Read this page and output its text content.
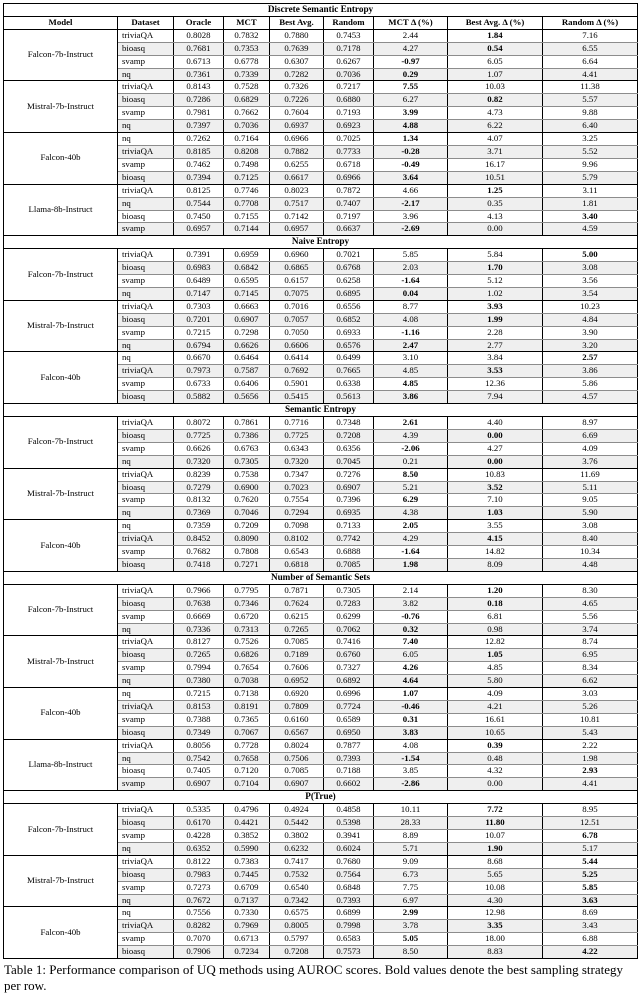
Discrete Semantic Entropy								
Model	Dataset	Oracle	MCT	Best Avg.	Random	MCT Δ (%)	Best Avg. Δ (%)	Random Δ (%)
Falcon-7b-Instruct	triviaQA	0.8028	0.7832	0.7880	0.7453	2.44	1.84	7.16
	bioasq	0.7681	0.7353	0.7639	0.7178	4.27	0.54	6.55
	svamp	0.6713	0.6778	0.6307	0.6267	-0.97	6.05	6.64
	nq	0.7361	0.7339	0.7282	0.7036	0.29	1.07	4.41
Mistral-7b-Instruct	triviaQA	0.8143	0.7528	0.7326	0.7217	7.55	10.03	11.38
	bioasq	0.7286	0.6829	0.7226	0.6880	6.27	0.82	5.57
	svamp	0.7981	0.7662	0.7604	0.7193	3.99	4.73	9.88
	nq	0.7397	0.7036	0.6937	0.6923	4.88	6.22	6.40
Falcon-40b	nq	0.7262	0.7164	0.6966	0.7025	1.34	4.07	3.25
	triviaQA	0.8185	0.8208	0.7882	0.7733	-0.28	3.71	5.52
	svamp	0.7462	0.7498	0.6255	0.6718	-0.49	16.17	9.96
	bioasq	0.7394	0.7125	0.6617	0.6966	3.64	10.51	5.79
Llama-8b-Instruct	triviaQA	0.8125	0.7746	0.8023	0.7872	4.66	1.25	3.11
	nq	0.7544	0.7708	0.7517	0.7407	-2.17	0.35	1.81
	bioasq	0.7450	0.7155	0.7142	0.7197	3.96	4.13	3.40
	svamp	0.6957	0.7144	0.6957	0.6637	-2.69	0.00	4.59
Naive Entropy								
Falcon-7b-Instruct	triviaQA	0.7391	0.6959	0.6960	0.7021	5.85	5.84	5.00
	bioasq	0.6983	0.6842	0.6865	0.6768	2.03	1.70	3.08
	svamp	0.6489	0.6595	0.6157	0.6258	-1.64	5.12	3.56
	nq	0.7147	0.7145	0.7075	0.6895	0.04	1.02	3.54
Mistral-7b-Instruct	triviaQA	0.7303	0.6663	0.7016	0.6556	8.77	3.93	10.23
	bioasq	0.7201	0.6907	0.7057	0.6852	4.08	1.99	4.84
	svamp	0.7215	0.7298	0.7050	0.6933	-1.16	2.28	3.90
	nq	0.6794	0.6626	0.6606	0.6576	2.47	2.77	3.20
Falcon-40b	nq	0.6670	0.6464	0.6414	0.6499	3.10	3.84	2.57
	triviaQA	0.7973	0.7587	0.7692	0.7665	4.85	3.53	3.86
	svamp	0.6733	0.6406	0.5901	0.6338	4.85	12.36	5.86
	bioasq	0.5882	0.5656	0.5415	0.5613	3.86	7.94	4.57
Semantic Entropy								
Falcon-7b-Instruct	triviaQA	0.8072	0.7861	0.7716	0.7348	2.61	4.40	8.97
	bioasq	0.7725	0.7386	0.7725	0.7208	4.39	0.00	6.69
	svamp	0.6626	0.6763	0.6343	0.6356	-2.06	4.27	4.09
	nq	0.7320	0.7305	0.7320	0.7045	0.21	0.00	3.76
Mistral-7b-Instruct	triviaQA	0.8239	0.7538	0.7347	0.7276	8.50	10.83	11.69
	bioasq	0.7279	0.6900	0.7023	0.6907	5.21	3.52	5.11
	svamp	0.8132	0.7620	0.7554	0.7396	6.29	7.10	9.05
	nq	0.7369	0.7046	0.7294	0.6935	4.38	1.03	5.90
Falcon-40b	nq	0.7359	0.7209	0.7098	0.7133	2.05	3.55	3.08
	triviaQA	0.8452	0.8090	0.8102	0.7742	4.29	4.15	8.40
	svamp	0.7682	0.7808	0.6543	0.6888	-1.64	14.82	10.34
	bioasq	0.7418	0.7271	0.6818	0.7085	1.98	8.09	4.48
Number of Semantic Sets								
Falcon-7b-Instruct	triviaQA	0.7966	0.7795	0.7871	0.7305	2.14	1.20	8.30
	bioasq	0.7638	0.7346	0.7624	0.7283	3.82	0.18	4.65
	svamp	0.6669	0.6720	0.6215	0.6299	-0.76	6.81	5.56
	nq	0.7336	0.7313	0.7265	0.7062	0.32	0.98	3.74
Mistral-7b-Instruct	triviaQA	0.8127	0.7526	0.7085	0.7416	7.40	12.82	8.74
	bioasq	0.7265	0.6826	0.7189	0.6760	6.05	1.05	6.95
	svamp	0.7994	0.7654	0.7606	0.7327	4.26	4.85	8.34
	nq	0.7380	0.7038	0.6952	0.6892	4.64	5.80	6.62
Falcon-40b	nq	0.7215	0.7138	0.6920	0.6996	1.07	4.09	3.03
	triviaQA	0.8153	0.8191	0.7809	0.7724	-0.46	4.21	5.26
	svamp	0.7388	0.7365	0.6160	0.6589	0.31	16.61	10.81
	bioasq	0.7349	0.7067	0.6567	0.6950	3.83	10.65	5.43
Llama-8b-Instruct	triviaQA	0.8056	0.7728	0.8024	0.7877	4.08	0.39	2.22
	nq	0.7542	0.7658	0.7506	0.7393	-1.54	0.48	1.98
	bioasq	0.7405	0.7120	0.7085	0.7188	3.85	4.32	2.93
	svamp	0.6907	0.7104	0.6907	0.6602	-2.86	0.00	4.41
P(True)								
Falcon-7b-Instruct	triviaQA	0.5335	0.4796	0.4924	0.4858	10.11	7.72	8.95
	bioasq	0.6170	0.4421	0.5442	0.5398	28.33	11.80	12.51
	svamp	0.4228	0.3852	0.3802	0.3941	8.89	10.07	6.78
	nq	0.6352	0.5990	0.6232	0.6024	5.71	1.90	5.17
Mistral-7b-Instruct	triviaQA	0.8122	0.7383	0.7417	0.7680	9.09	8.68	5.44
	bioasq	0.7983	0.7445	0.7532	0.7564	6.73	5.65	5.25
	svamp	0.7273	0.6709	0.6540	0.6848	7.75	10.08	5.85
	nq	0.7672	0.7137	0.7342	0.7393	6.97	4.30	3.63
Falcon-40b	nq	0.7556	0.7330	0.6575	0.6899	2.99	12.98	8.69
	triviaQA	0.8282	0.7969	0.8005	0.7998	3.78	3.35	3.43
	svamp	0.7070	0.6713	0.5797	0.6583	5.05	18.00	6.88
	bioasq	0.7906	0.7234	0.7208	0.7573	8.50	8.83	4.22
Table 1: Performance comparison of UQ methods using AUROC scores. Bold values denote the best sampling strategy per row.
